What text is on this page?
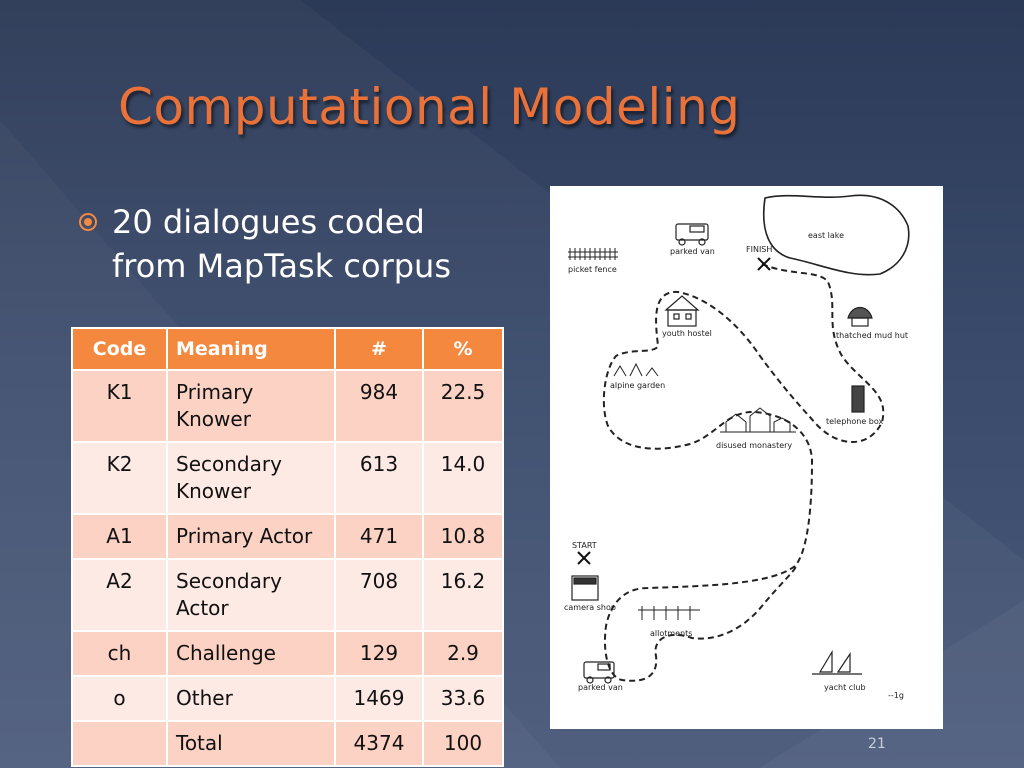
Computational Modeling
20 dialogues coded from MapTask corpus
Code	Meaning	#	%
K1	Primary Knower	984	22.5
K2	Secondary Knower	613	14.0
A1	Primary Actor	471	10.8
A2	Secondary Actor	708	16.2
ch	Challenge	129	2.9
o	Other	1469	33.6
	Total	4374	100
parked van
picket fence
FINISH
east lake
thatched mud hut
youth hostel
alpine garden
telephone box
disused monastery
START
camera shop
allotments
parked van	yacht club
--1g
21
